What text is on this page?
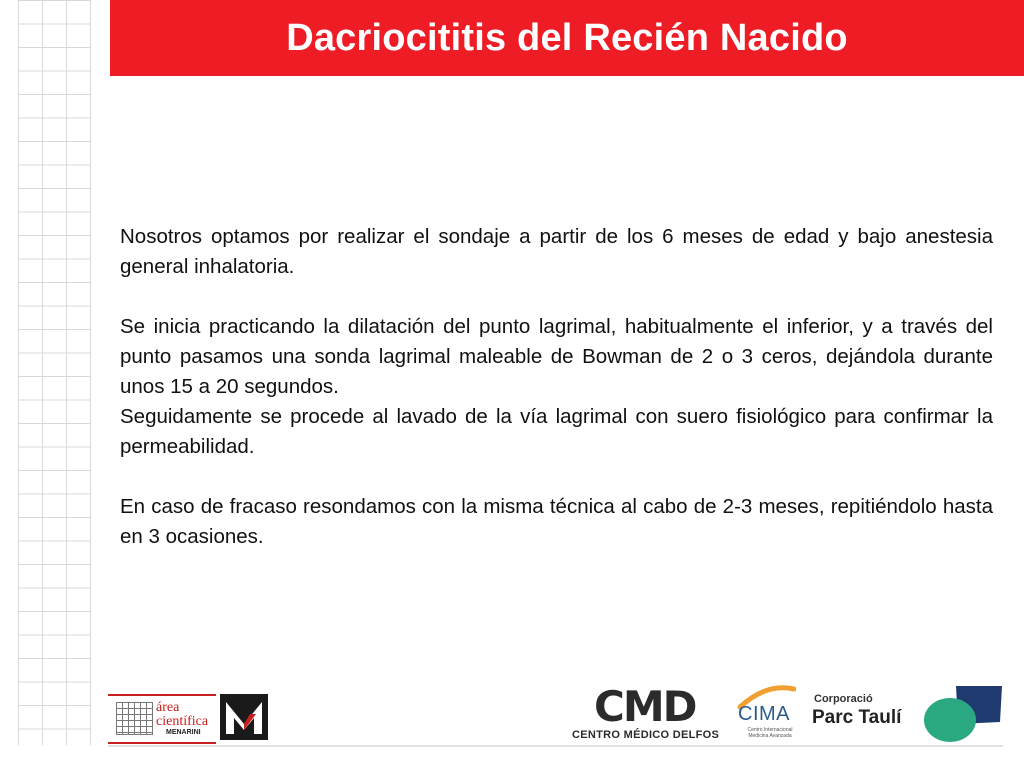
Dacriocititis del Recién Nacido

Nosotros optamos por realizar el sondaje a partir de los 6 meses de edad y bajo anestesia general inhalatoria.

Se inicia practicando la dilatación del punto lagrimal, habitualmente el inferior, y a través del punto pasamos una sonda lagrimal maleable de Bowman de 2 o 3 ceros, dejándola durante unos 15 a 20 segundos.

Seguidamente se procede al lavado de la vía lagrimal con suero fisiológico para confirmar la permeabilidad.

En caso de fracaso resondamos con la misma técnica al cabo de 2-3 meses, repitiéndolo hasta en 3 ocasiones.

área
científica
MENARINI
CMD
CENTRO MÉDICO DELFOS
CIMA
Centro Internacional Medicina Avanzada
Corporació
Parc Taulí
